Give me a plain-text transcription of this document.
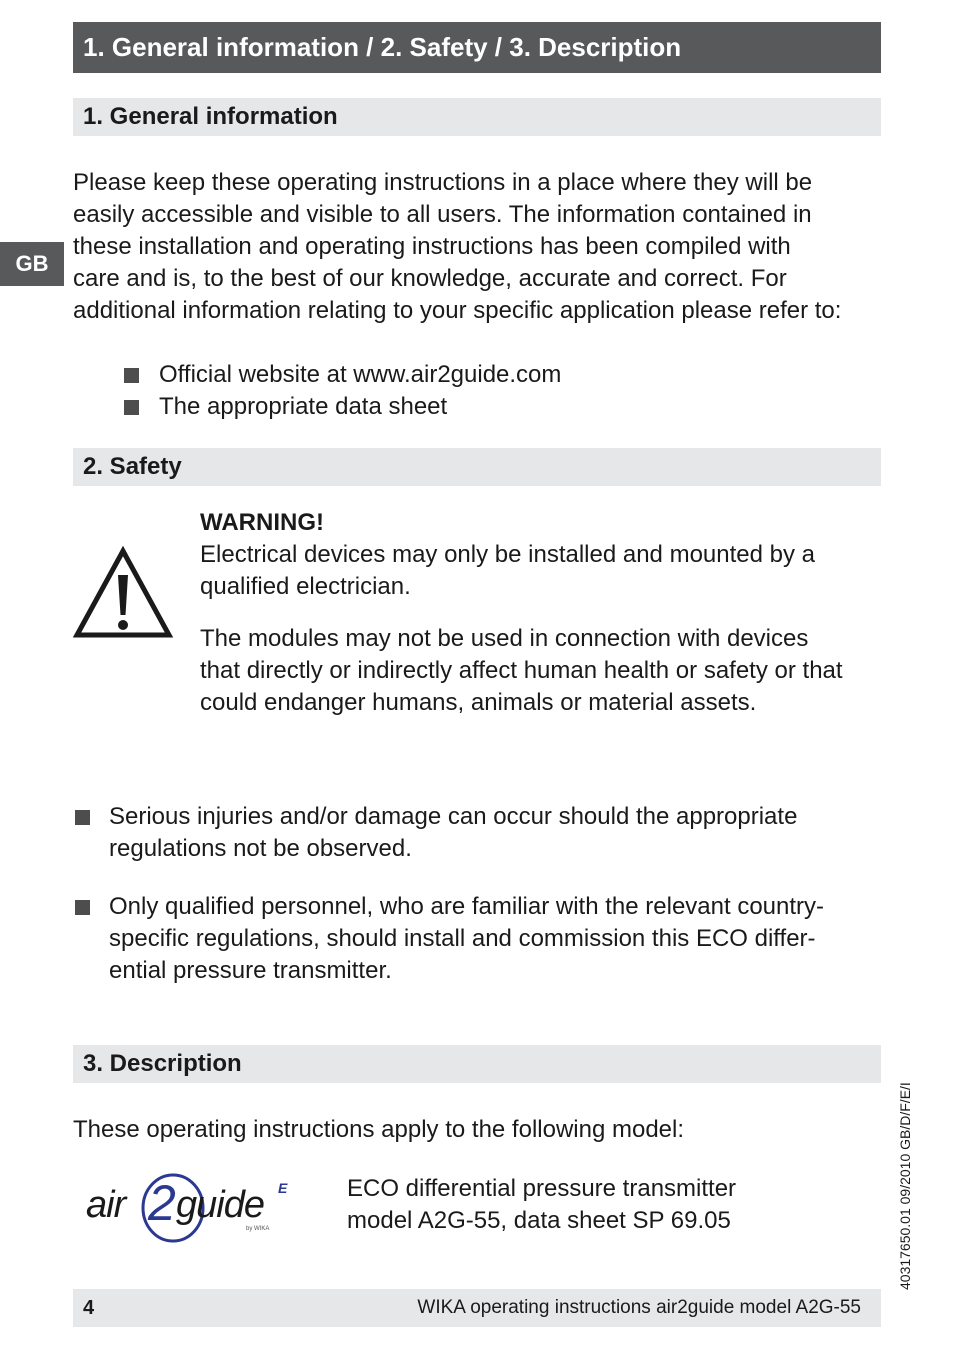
1. General information / 2. Safety / 3. Description
GB
1. General information
Please keep these operating instructions in a place where they will be
easily accessible and visible to all users. The information contained in
these installation and operating instructions has been compiled with
care and is, to the best of our knowledge, accurate and correct. For
additional information relating to your specific application please refer to:
Official website at www.air2guide.com
The appropriate data sheet
2. Safety
WARNING!
Electrical devices may only be installed and mounted by a
qualified electrician.
The modules may not be used in connection with devices
that directly or indirectly affect human health or safety or that
could endanger humans, animals or material assets.
Serious injuries and/or damage can occur should the appropriate
regulations not be observed.
Only qualified personnel, who are familiar with the relevant country-
specific regulations, should install and commission this ECO differ-
ential pressure transmitter.
3. Description
These operating instructions apply to the following model:
air 2 guide E
by WIKA
ECO differential pressure transmitter
model A2G-55, data sheet SP 69.05	40317650.01 09/2010 GB/D/F/E/I
4	WIKA operating instructions air2guide model A2G-55
